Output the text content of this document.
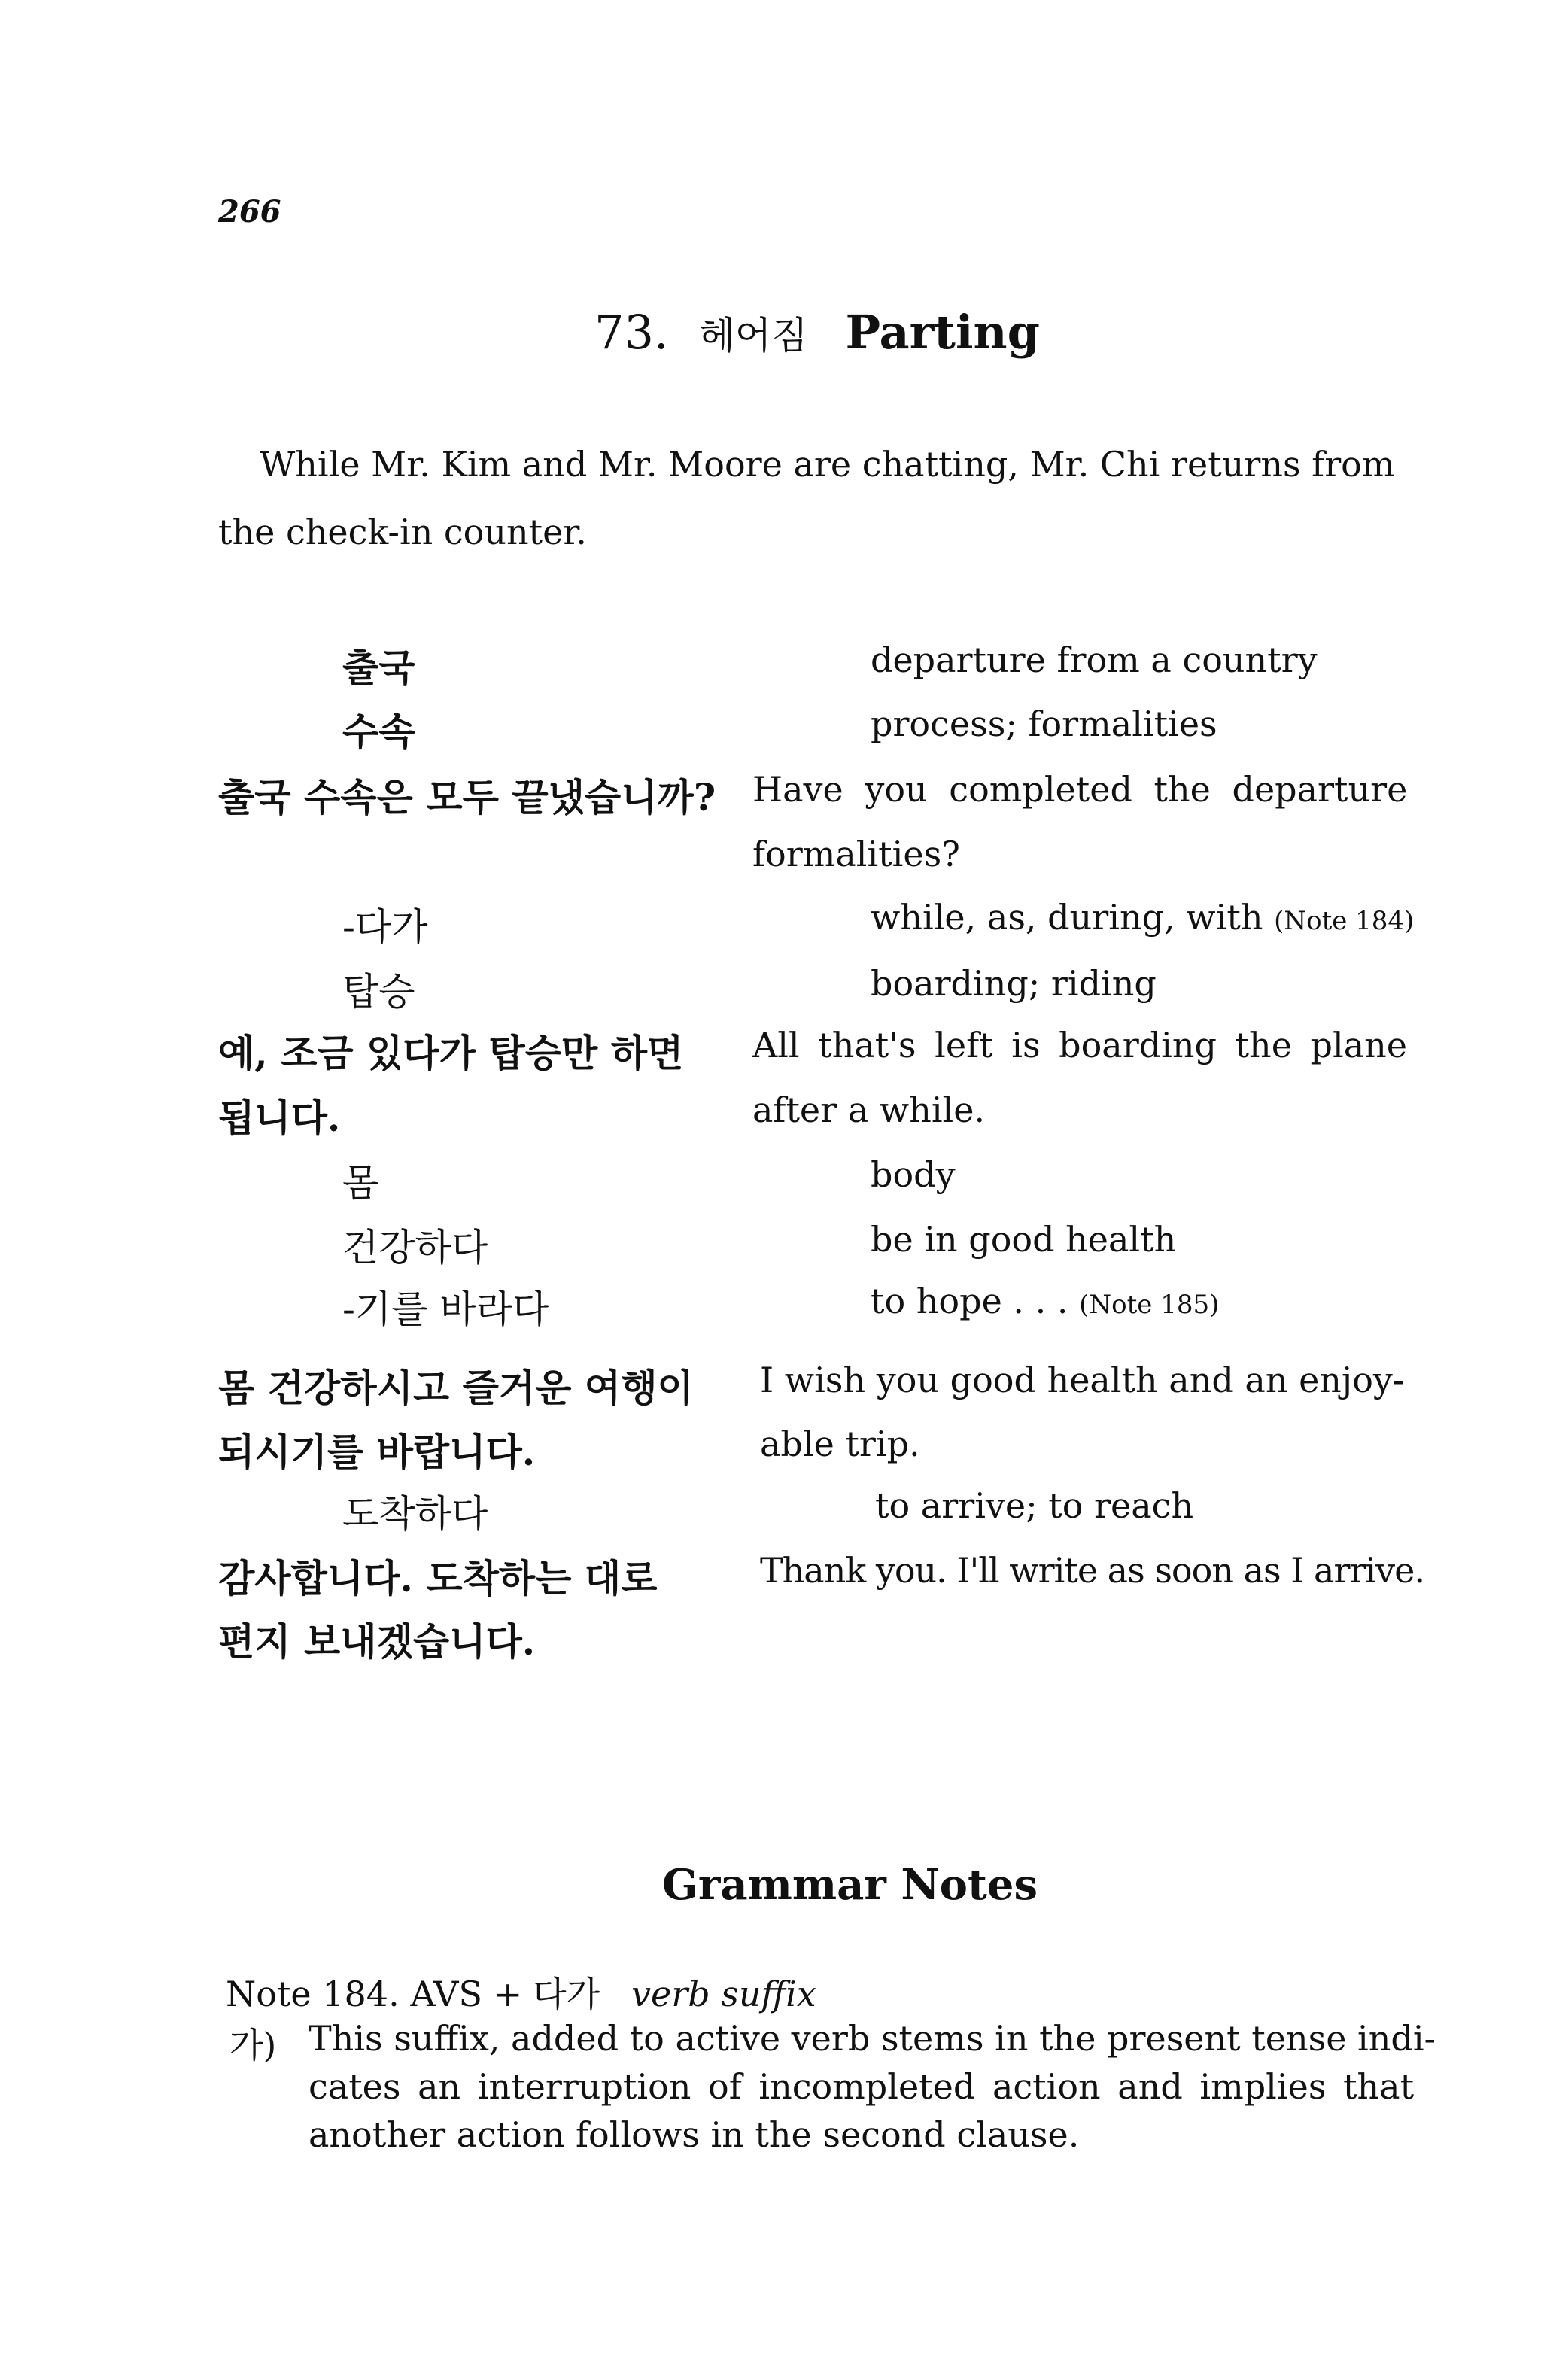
266
73. 헤어짐 Parting
While Mr. Kim and Mr. Moore are chatting, Mr. Chi returns from
the check-in counter.
출국	departure from a country
수속	process; formalities
출국 수속은 모두 끝냈습니까? Have you completed the departure
formalities?
-다가	while, as, during, with (Note 184)
탑승	boarding; riding
예, 조금 있다가 탑승만 하면 All that's left is boarding the plane
됩니다.	after a while.
몸	body
건강하다	be in good health
-기를 바라다	to hope . . . (Note 185)
몸 건강하시고 즐거운 여행이 I wish you good health and an enjoy-
되시기를 바랍니다.	able trip.
도착하다	to arrive; to reach
감사합니다. 도착하는 대로	Thank you. I'll write as soon as I arrive.
편지 보내겠습니다.
Grammar Notes
Note 184. AVS + 다가 verb suffix
가) This suffix, added to active verb stems in the present tense indi-
cates an interruption of incompleted action and implies that
another action follows in the second clause.
